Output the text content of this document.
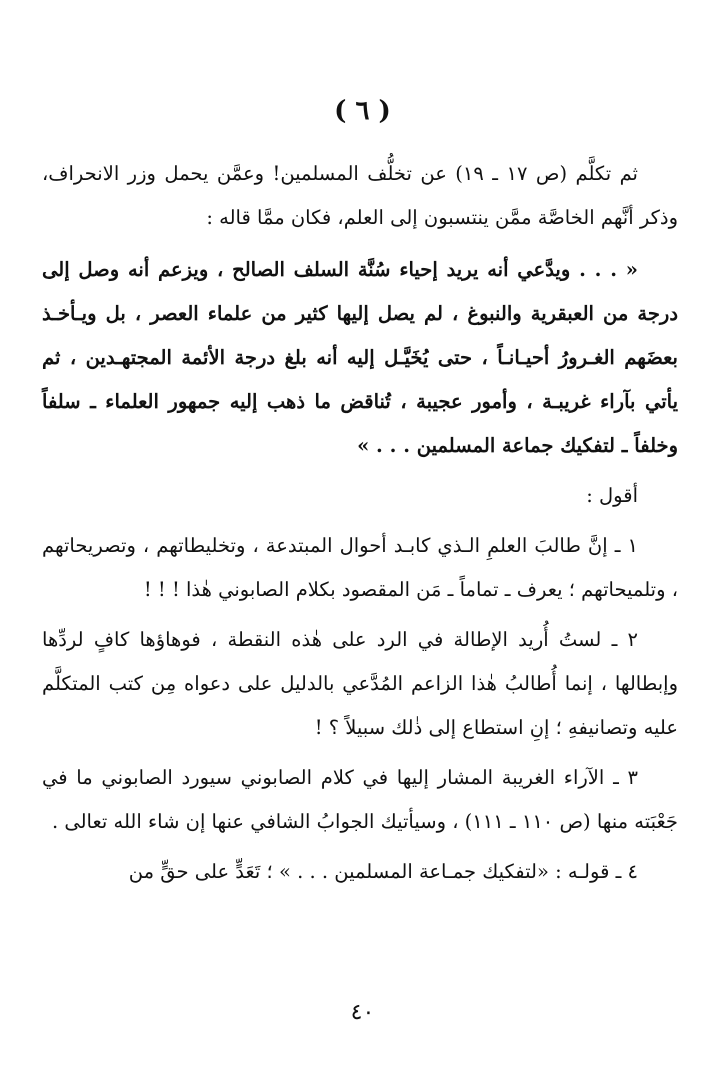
( ٦ )

ثم تكلَّم (ص ١٧ ـ ١٩) عن تخلُّف المسلمين! وعمَّن يحمل وزر الانحراف، وذكر أنَّهم الخاصَّة ممَّن ينتسبون إلى العلم، فكان ممَّا قاله :

« . . . ويدَّعي أنه يريد إحياء سُنَّة السلف الصالح ، ويزعم أنه وصل إلى درجة من العبقرية والنبوغ ، لم يصل إليها كثير من علماء العصر ، بل ويـأخـذ بعضَهم الغـرورُ أحيـانـاً ، حتى يُخَيَّـل إليه أنه بلغ درجة الأئمة المجتهـدين ، ثم يأتي بآراء غريبـة ، وأمور عجيبة ، تُناقض ما ذهب إليه جمهور العلماء ـ سلفاً وخلفاً ـ لتفكيك جماعة المسلمين . . . »

أقول :

١ ـ إنَّ طالبَ العلمِ الـذي كابـد أحوال المبتدعة ، وتخليطاتهم ، وتصريحاتهم ، وتلميحاتهم ؛ يعرف ـ تماماً ـ مَن المقصود بكلام الصابوني هٰذا ! ! !

٢ ـ لستُ أُريد الإطالة في الرد على هٰذه النقطة ، فوهاؤها كافٍ لردِّها وإبطالها ، إنما أُطالبُ هٰذا الزاعم المُدَّعي بالدليل على دعواه مِن كتب المتكلَّم عليه وتصانيفهِ ؛ إنِ استطاع إلى ذٰلك سبيلاً ؟ !

٣ ـ الآراء الغريبة المشار إليها في كلام الصابوني سيورد الصابوني ما في جَعْبَته منها (ص ١١٠ ـ ١١١) ، وسيأتيك الجوابُ الشافي عنها إن شاء الله تعالى .

٤ ـ قولـه : «لتفكيك جمـاعة المسلمين . . . » ؛ تَعَدٍّ على حقٍّ من

٤٠
